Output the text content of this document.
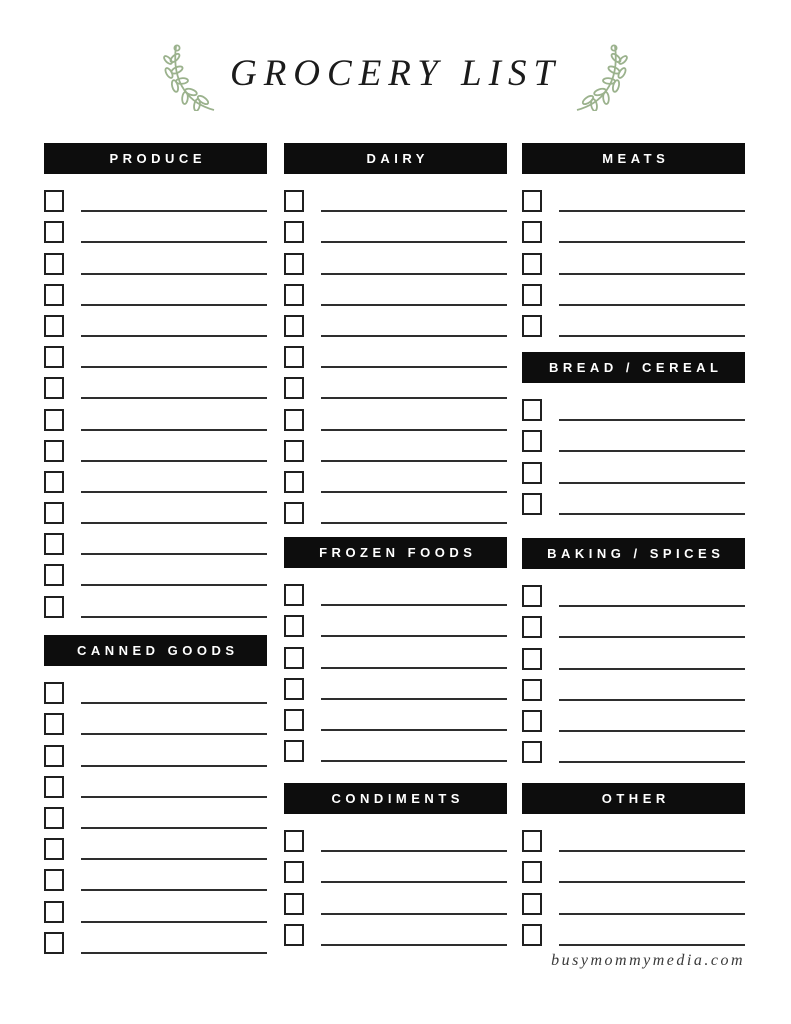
GROCERY LIST
PRODUCE
CANNED GOODS
DAIRY
FROZEN FOODS
CONDIMENTS
MEATS
BREAD / CEREAL
BAKING / SPICES
OTHER
busymommymedia.com
